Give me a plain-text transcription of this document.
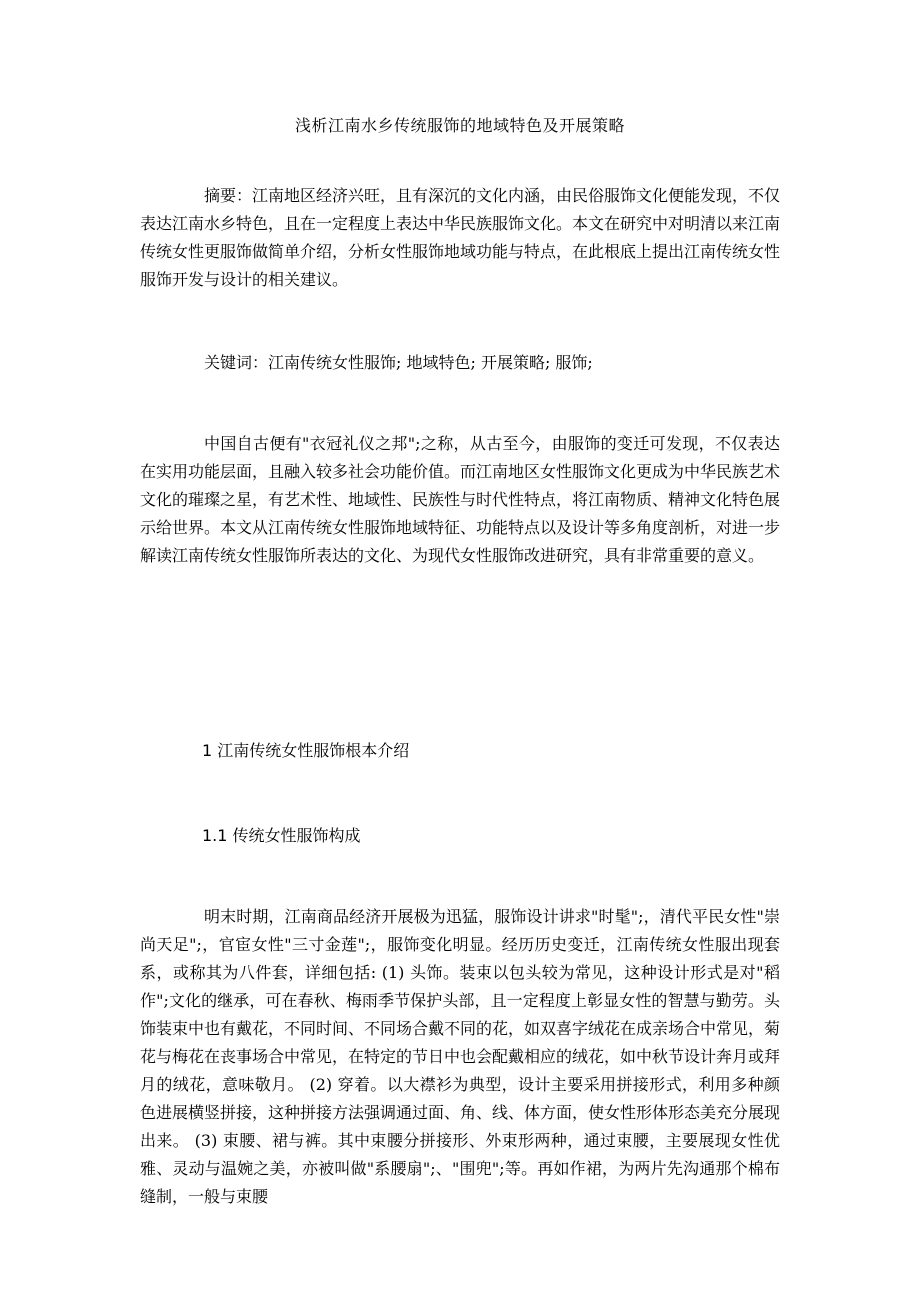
浅析江南水乡传统服饰的地域特色及开展策略

摘要：江南地区经济兴旺，且有深沉的文化内涵，由民俗服饰文化便能发现，不仅表达江南水乡特色，且在一定程度上表达中华民族服饰文化。本文在研究中对明清以来江南传统女性更服饰做简单介绍，分析女性服饰地域功能与特点，在此根底上提出江南传统女性服饰开发与设计的相关建议。

关键词：江南传统女性服饰; 地域特色; 开展策略; 服饰;

中国自古便有"衣冠礼仪之邦";之称，从古至今，由服饰的变迁可发现，不仅表达在实用功能层面，且融入较多社会功能价值。而江南地区女性服饰文化更成为中华民族艺术文化的璀璨之星，有艺术性、地域性、民族性与时代性特点，将江南物质、精神文化特色展示给世界。本文从江南传统女性服饰地域特征、功能特点以及设计等多角度剖析，对进一步解读江南传统女性服饰所表达的文化、为现代女性服饰改进研究，具有非常重要的意义。

1 江南传统女性服饰根本介绍
1.1 传统女性服饰构成

明末时期，江南商品经济开展极为迅猛，服饰设计讲求"时髦";，清代平民女性"崇尚天足";，官宦女性"三寸金莲";，服饰变化明显。经历历史变迁，江南传统女性服出现套系，或称其为八件套，详细包括: (1) 头饰。装束以包头较为常见，这种设计形式是对"稻作";文化的继承，可在春秋、梅雨季节保护头部，且一定程度上彰显女性的智慧与勤劳。头饰装束中也有戴花，不同时间、不同场合戴不同的花，如双喜字绒花在成亲场合中常见，菊花与梅花在丧事场合中常见，在特定的节日中也会配戴相应的绒花，如中秋节设计奔月或拜月的绒花，意味敬月。 (2) 穿着。以大襟衫为典型，设计主要采用拼接形式，利用多种颜色进展横竖拼接，这种拼接方法强调通过面、角、线、体方面，使女性形体形态美充分展现出来。 (3) 束腰、裙与裤。其中束腰分拼接形、外束形两种，通过束腰，主要展现女性优雅、灵动与温婉之美，亦被叫做"系腰扇";、"围兜";等。再如作裙，为两片先沟通那个棉布缝制，一般与束腰
